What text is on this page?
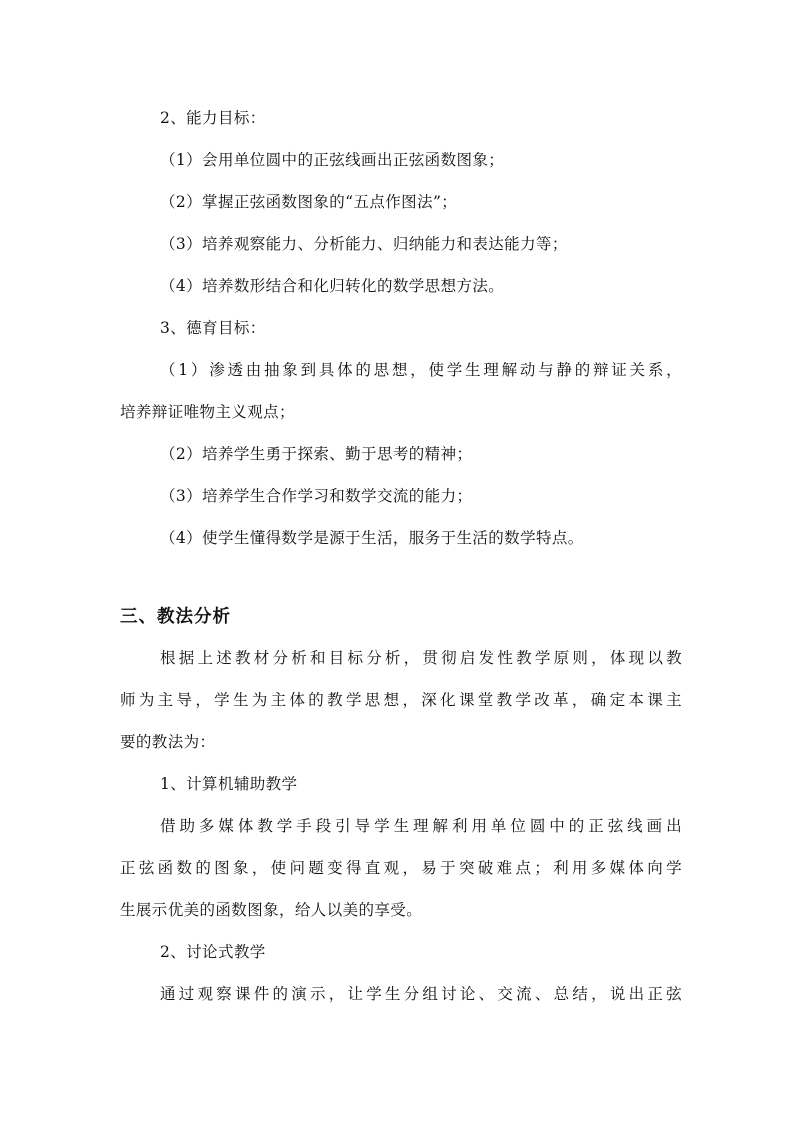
2、能力目标：
（1）会用单位圆中的正弦线画出正弦函数图象；
（2）掌握正弦函数图象的“五点作图法”；
（3）培养观察能力、分析能力、归纳能力和表达能力等；
（4）培养数形结合和化归转化的数学思想方法。
3、德育目标：
（1）渗透由抽象到具体的思想，使学生理解动与静的辩证关系，
培养辩证唯物主义观点；
（2）培养学生勇于探索、勤于思考的精神；
（3）培养学生合作学习和数学交流的能力；
（4）使学生懂得数学是源于生活，服务于生活的数学特点。
三、教法分析
根据上述教材分析和目标分析，贯彻启发性教学原则，体现以教
师为主导，学生为主体的教学思想，深化课堂教学改革，确定本课主
要的教法为：
1、计算机辅助教学
借助多媒体教学手段引导学生理解利用单位圆中的正弦线画出
正弦函数的图象，使问题变得直观，易于突破难点；利用多媒体向学
生展示优美的函数图象，给人以美的享受。
2、讨论式教学
通过观察课件的演示，让学生分组讨论、交流、总结，说出正弦
